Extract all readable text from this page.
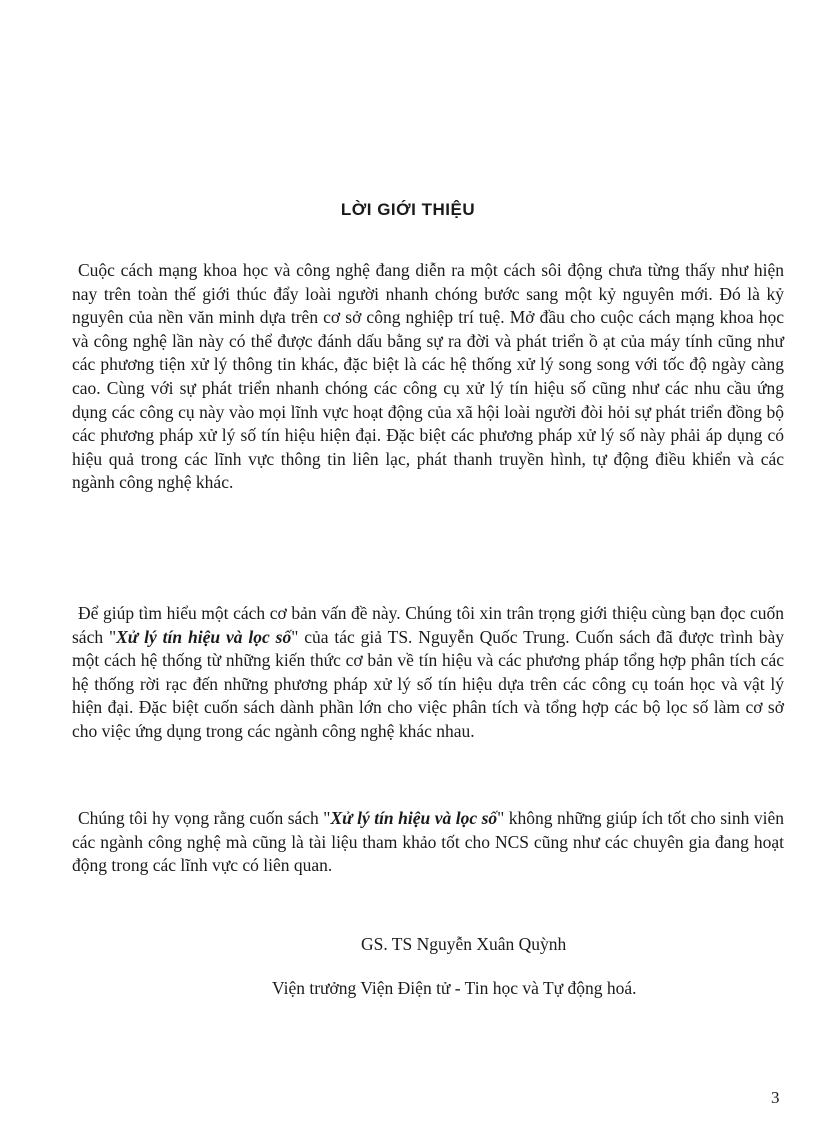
LỜI GIỚI THIỆU

Cuộc cách mạng khoa học và công nghệ đang diễn ra một cách sôi động chưa từng thấy như hiện nay trên toàn thế giới thúc đẩy loài người nhanh chóng bước sang một kỷ nguyên mới. Đó là kỷ nguyên của nền văn minh dựa trên cơ sở công nghiệp trí tuệ. Mở đầu cho cuộc cách mạng khoa học và công nghệ lần này có thể được đánh dấu bằng sự ra đời và phát triển ồ ạt của máy tính cũng như các phương tiện xử lý thông tin khác, đặc biệt là các hệ thống xử lý song song với tốc độ ngày càng cao. Cùng với sự phát triển nhanh chóng các công cụ xử lý tín hiệu số cũng như các nhu cầu ứng dụng các công cụ này vào mọi lĩnh vực hoạt động của xã hội loài người đòi hỏi sự phát triển đồng bộ các phương pháp xử lý số tín hiệu hiện đại. Đặc biệt các phương pháp xử lý số này phải áp dụng có hiệu quả trong các lĩnh vực thông tin liên lạc, phát thanh truyền hình, tự động điều khiển và các ngành công nghệ khác.

Để giúp tìm hiểu một cách cơ bản vấn đề này. Chúng tôi xin trân trọng giới thiệu cùng bạn đọc cuốn sách "Xử lý tín hiệu và lọc số" của tác giả TS. Nguyễn Quốc Trung. Cuốn sách đã được trình bày một cách hệ thống từ những kiến thức cơ bản về tín hiệu và các phương pháp tổng hợp phân tích các hệ thống rời rạc đến những phương pháp xử lý số tín hiệu dựa trên các công cụ toán học và vật lý hiện đại. Đặc biệt cuốn sách dành phần lớn cho việc phân tích và tổng hợp các bộ lọc số làm cơ sở cho việc ứng dụng trong các ngành công nghệ khác nhau.

Chúng tôi hy vọng rằng cuốn sách "Xử lý tín hiệu và lọc số" không những giúp ích tốt cho sinh viên các ngành công nghệ mà cũng là tài liệu tham khảo tốt cho NCS cũng như các chuyên gia đang hoạt động trong các lĩnh vực có liên quan.

GS. TS Nguyễn Xuân Quỳnh
Viện trưởng Viện Điện tử - Tin học và Tự động hoá.
3
